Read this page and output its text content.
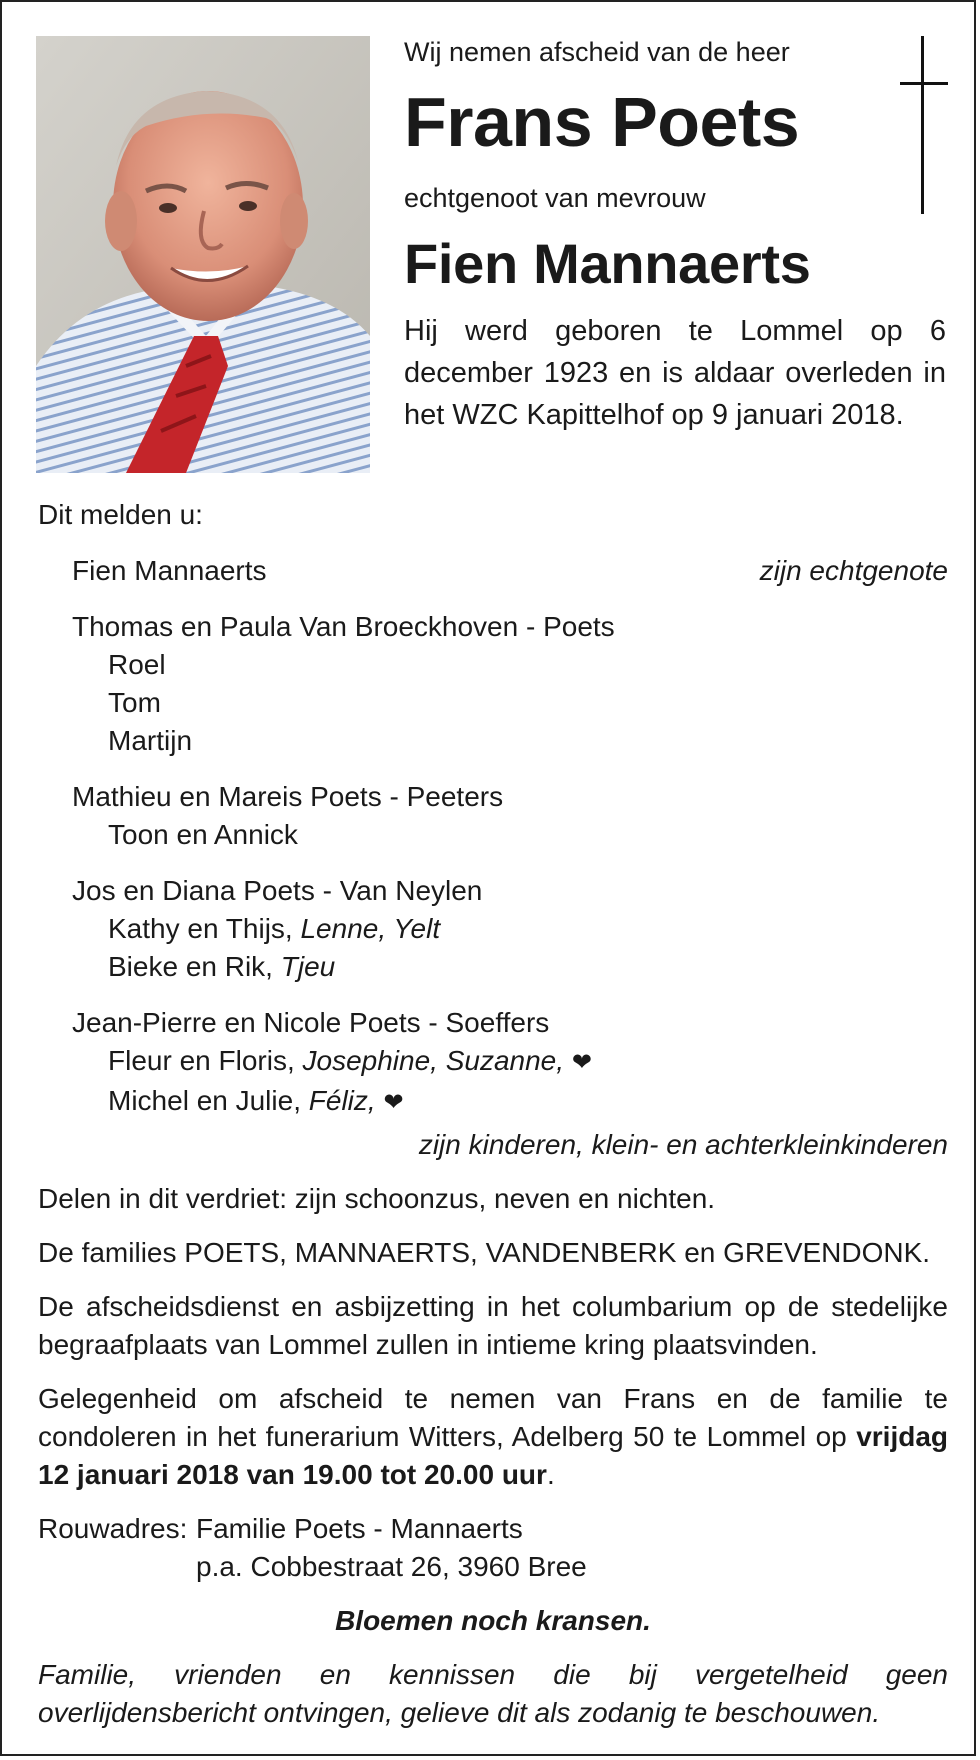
Wij nemen afscheid van de heer

Frans Poets

echtgenoot van mevrouw

Fien Mannaerts

Hij werd geboren te Lommel op 6 december 1923 en is aldaar overleden in het WZC Kapittelhof op 9 januari 2018.

Dit melden u:

Fien Mannaerts	zijn echtgenote
Thomas en Paula Van Broeckhoven - Poets
Roel
Tom
Martijn
Mathieu en Mareis Poets - Peeters
Toon en Annick
Jos en Diana Poets - Van Neylen
Kathy en Thijs, Lenne, Yelt
Bieke en Rik, Tjeu
Jean-Pierre en Nicole Poets - Soeffers
Fleur en Floris, Josephine, Suzanne, ❤
Michel en Julie, Féliz, ❤

zijn kinderen, klein- en achterkleinkinderen

Delen in dit verdriet: zijn schoonzus, neven en nichten.

De families POETS, MANNAERTS, VANDENBERK en GREVENDONK.

De afscheidsdienst en asbijzetting in het columbarium op de stedelijke begraafplaats van Lommel zullen in intieme kring plaatsvinden.

Gelegenheid om afscheid te nemen van Frans en de familie te condoleren in het funerarium Witters, Adelberg 50 te Lommel op vrijdag 12 januari 2018 van 19.00 tot 20.00 uur.

Rouwadres: Familie Poets - Mannaerts
p.a. Cobbestraat 26, 3960 Bree

Bloemen noch kransen.

Familie, vrienden en kennissen die bij vergetelheid geen overlijdensbericht ontvingen, gelieve dit als zodanig te beschouwen.
